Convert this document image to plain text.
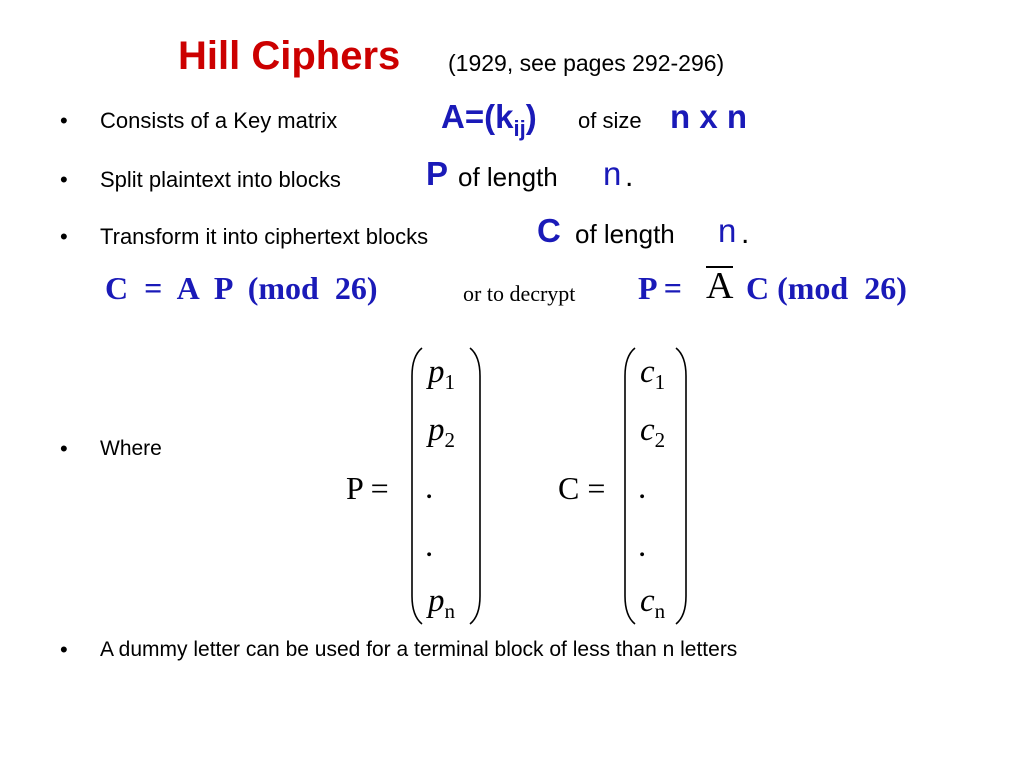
Hill Ciphers (1929, see pages 292-296)
• Consists of a Key matrix	$A=(k_{ij})$ of size n x n
• Split plaintext into blocks	P of length n .
• Transform it into ciphertext blocks	C of length n .
C  =  A  P  (mod  26)	or to decrypt P = A C (mod  26)
• Where
P =
$p_1$
$p_2$
.
.
$p_n$
C =
$c_1$
$c_2$
.
.
$c_n$
• A dummy letter can be used for a terminal block of less than n letters
